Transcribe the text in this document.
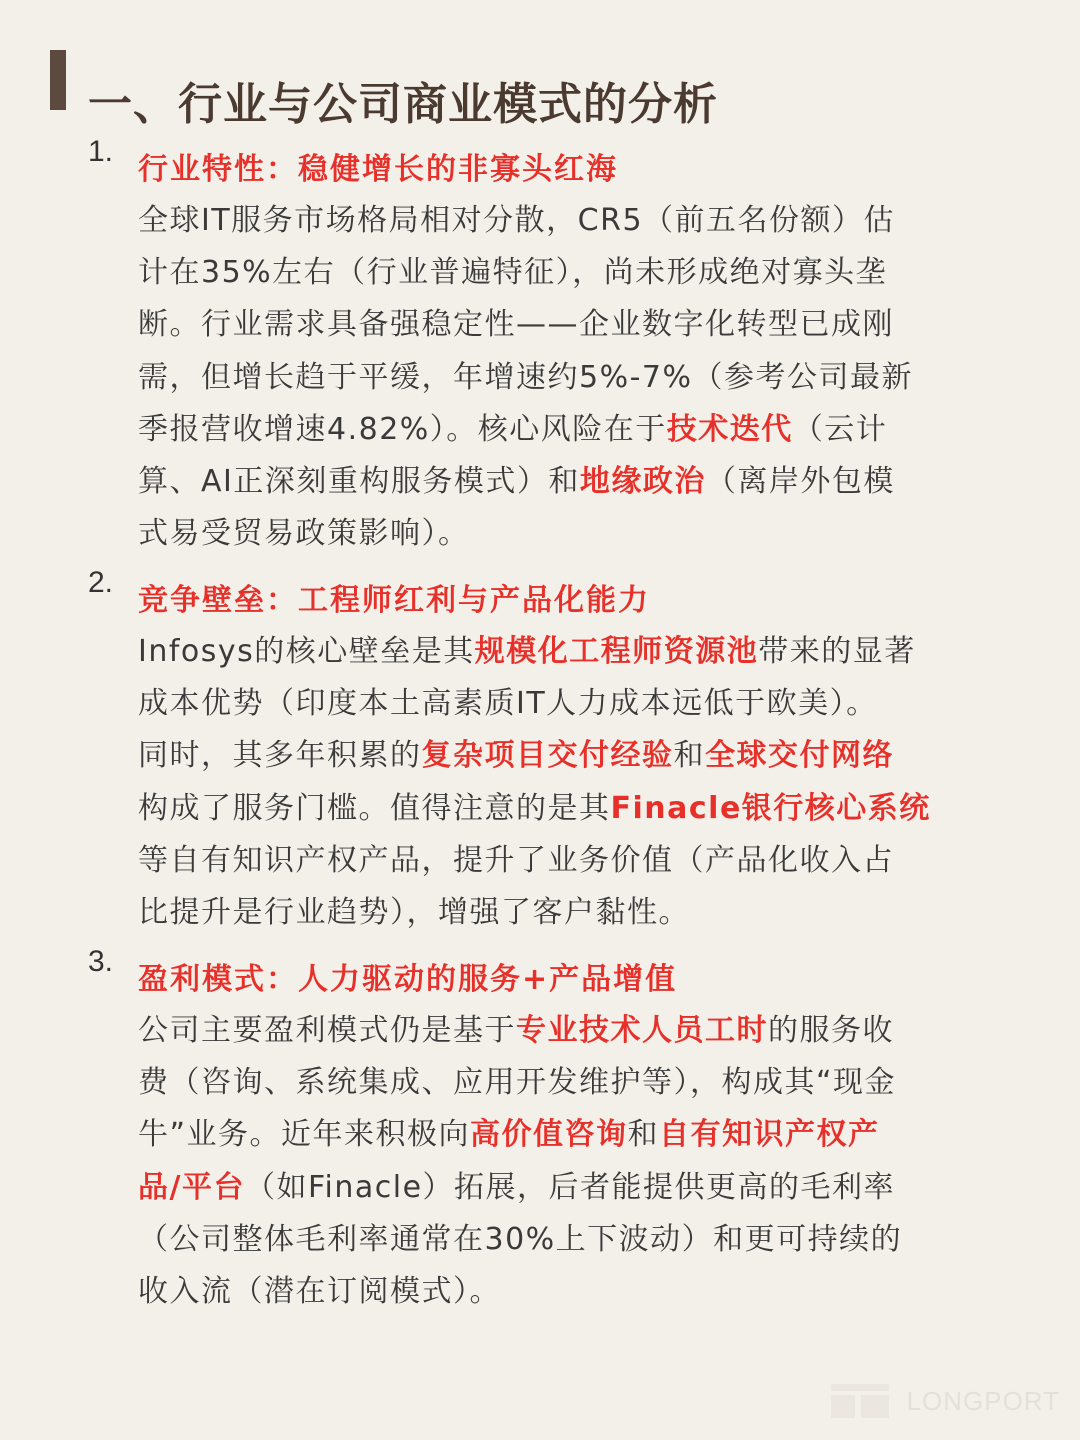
一、行业与公司商业模式的分析
1.
行业特性：稳健增长的非寡头红海
全球IT服务市场格局相对分散，CR5（前五名份额）估
计在35%左右（行业普遍特征），尚未形成绝对寡头垄
断。行业需求具备强稳定性——企业数字化转型已成刚
需，但增长趋于平缓，年增速约5%-7%（参考公司最新
季报营收增速4.82%）。核心风险在于技术迭代（云计
算、AI正深刻重构服务模式）和地缘政治（离岸外包模
式易受贸易政策影响）。
2.
竞争壁垒：工程师红利与产品化能力
Infosys的核心壁垒是其规模化工程师资源池带来的显著
成本优势（印度本土高素质IT人力成本远低于欧美）。
同时，其多年积累的复杂项目交付经验和全球交付网络
构成了服务门槛。值得注意的是其Finacle银行核心系统
等自有知识产权产品，提升了业务价值（产品化收入占
比提升是行业趋势），增强了客户黏性。
3.
盈利模式：人力驱动的服务+产品增值
公司主要盈利模式仍是基于专业技术人员工时的服务收
费（咨询、系统集成、应用开发维护等），构成其“现金
牛”业务。近年来积极向高价值咨询和自有知识产权产
品/平台（如Finacle）拓展，后者能提供更高的毛利率
（公司整体毛利率通常在30%上下波动）和更可持续的
收入流（潜在订阅模式）。
LONGPORT
